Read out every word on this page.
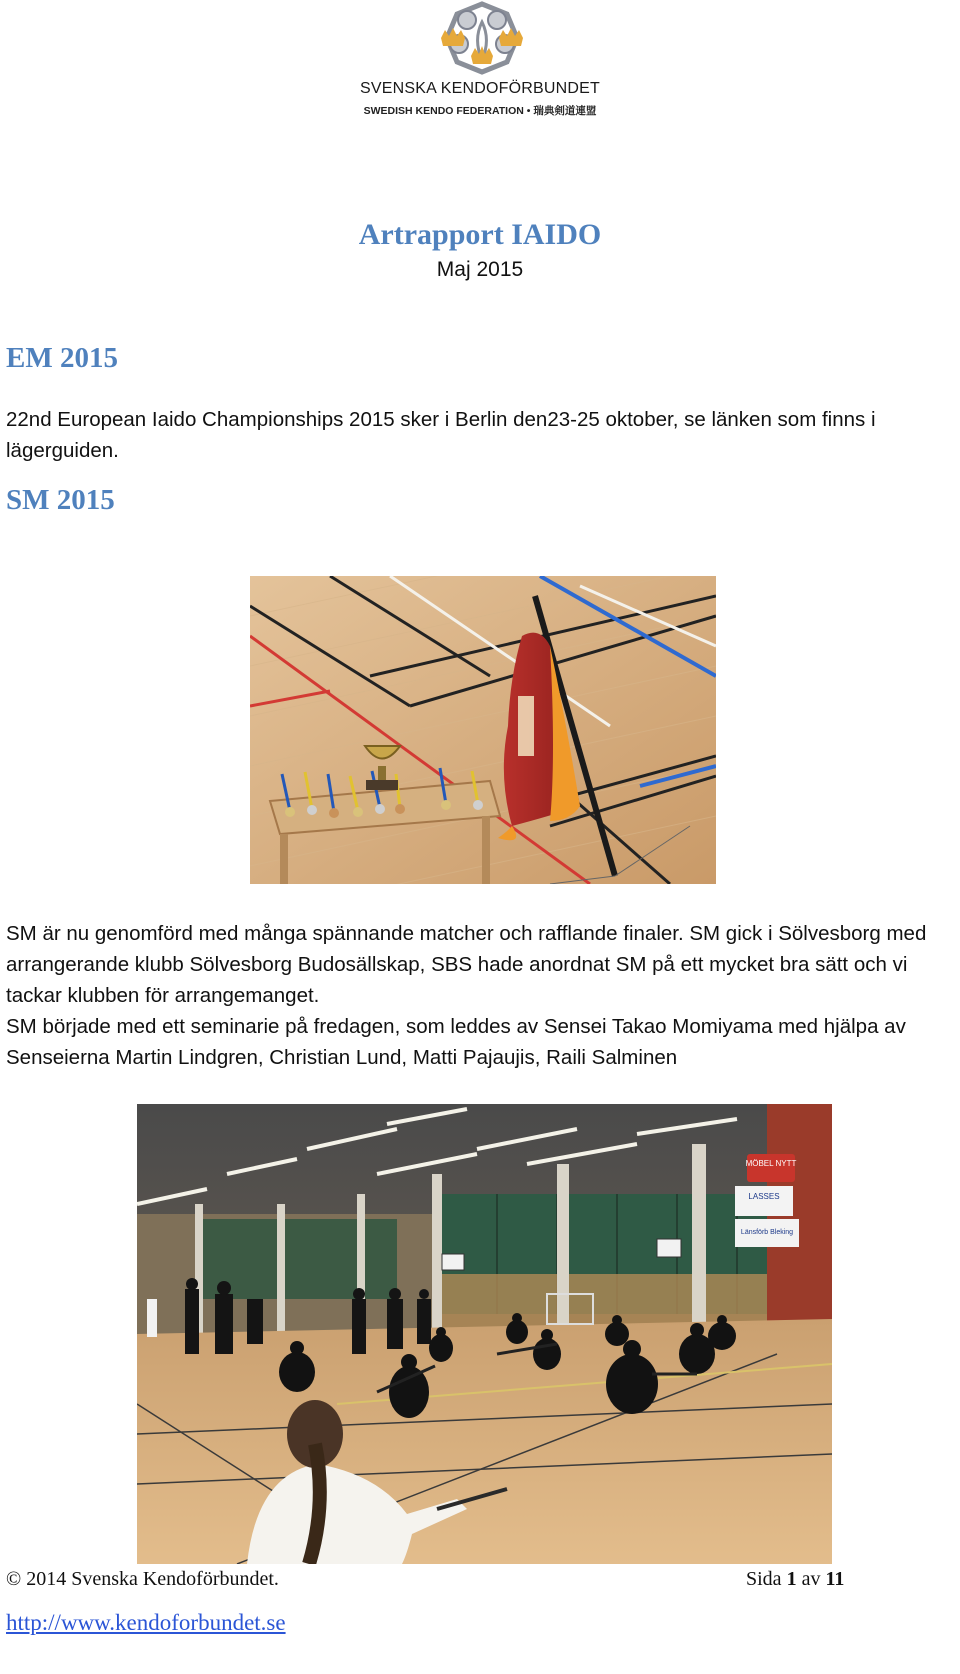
SVENSKA KENDOFÖRBUNDET
SWEDISH KENDO FEDERATION • 瑞典剣道連盟
Artrapport IAIDO
Maj 2015
EM 2015

22nd European Iaido Championships 2015 sker i Berlin den23-25 oktober, se länken som finns i lägerguiden.

SM 2015

SM är nu genomförd med många spännande matcher och rafflande finaler. SM gick i Sölvesborg med arrangerande klubb Sölvesborg Budosällskap, SBS hade anordnat SM på ett mycket bra sätt och vi tackar klubben för arrangemanget.

SM började med ett seminarie på fredagen, som leddes av Sensei Takao Momiyama med hjälpa av Senseierna Martin Lindgren, Christian Lund, Matti Pajaujis, Raili Salminen

MÖBEL NYTT
LASSES
Länsförb Bleking
© 2014 Svenska Kendoförbundet.	Sida 1 av 11
http://www.kendoforbundet.se
